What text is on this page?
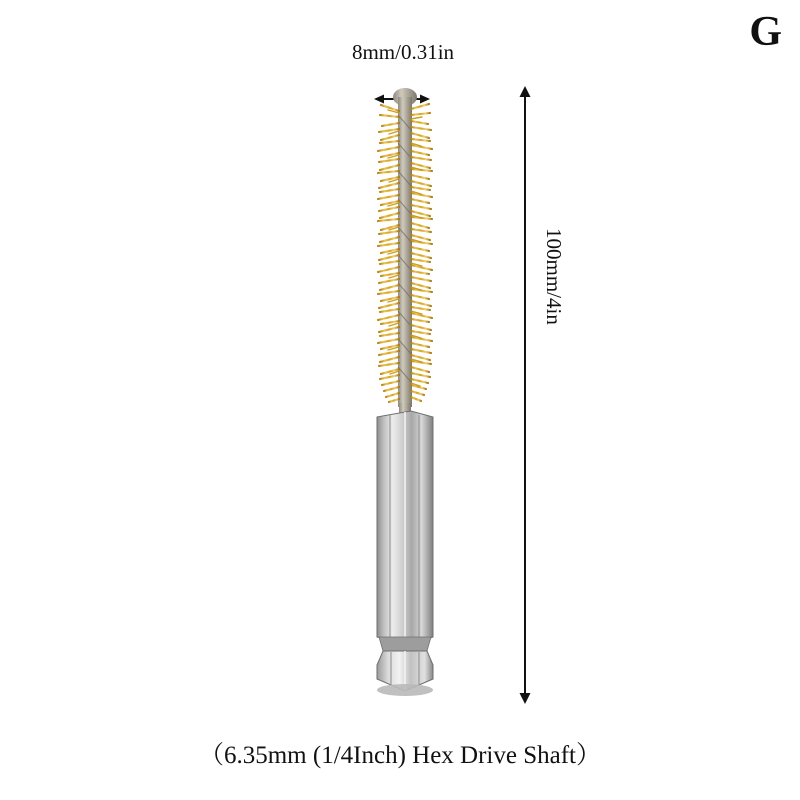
G
8mm/0.31in
100mm/4in
（6.35mm (1/4Inch) Hex Drive Shaft）
